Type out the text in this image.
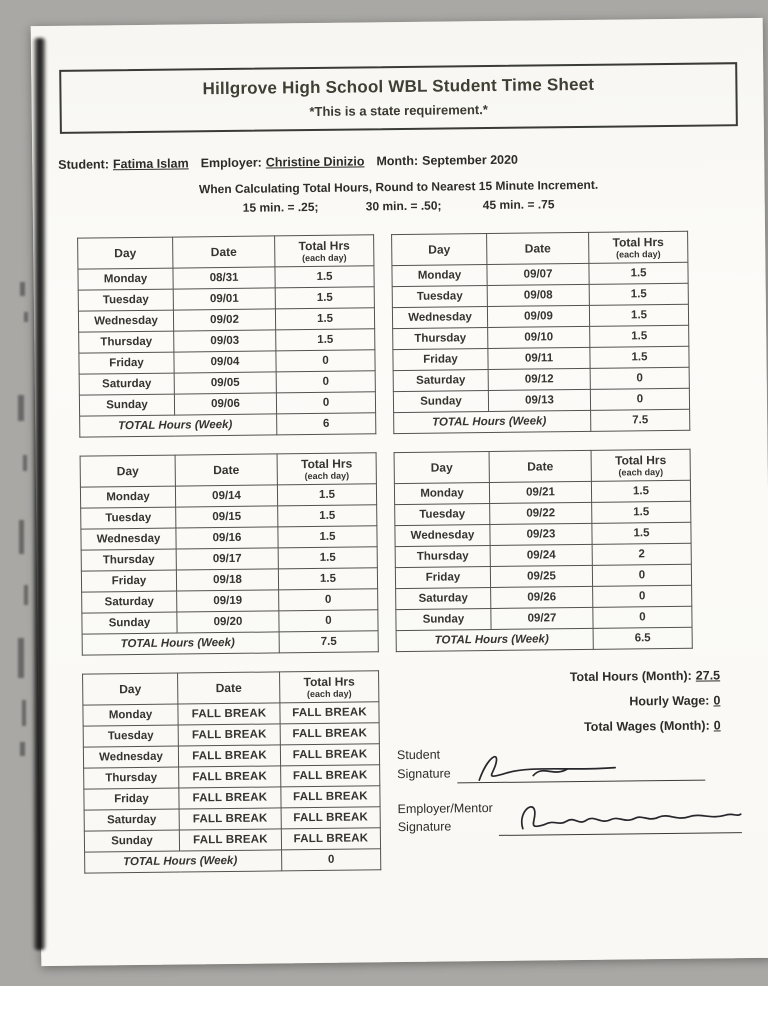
Hillgrove High School WBL Student Time Sheet
*This is a state requirement.*
Student: Fatima Islam Employer: Christine Dinizio Month: September 2020
When Calculating Total Hours, Round to Nearest 15 Minute Increment.
15 min. = .25;	30 min. = .50;	45 min. = .75
Day	Date	Total Hrs
(each day)

Monday	08/31	1.5
Tuesday	09/01	1.5
Wednesday	09/02	1.5
Thursday	09/03	1.5
Friday	09/04	0
Saturday	09/05	0
Sunday	09/06	0
TOTAL Hours (Week)		6
Day	Date	Total Hrs
(each day)

Monday	09/07	1.5
Tuesday	09/08	1.5
Wednesday	09/09	1.5
Thursday	09/10	1.5
Friday	09/11	1.5
Saturday	09/12	0
Sunday	09/13	0
TOTAL Hours (Week)		7.5
Day	Date	Total Hrs
(each day)

Monday	09/14	1.5
Tuesday	09/15	1.5
Wednesday	09/16	1.5
Thursday	09/17	1.5
Friday	09/18	1.5
Saturday	09/19	0
Sunday	09/20	0
TOTAL Hours (Week)		7.5
Day	Date	Total Hrs
(each day)

Monday	09/21	1.5
Tuesday	09/22	1.5
Wednesday	09/23	1.5
Thursday	09/24	2
Friday	09/25	0
Saturday	09/26	0
Sunday	09/27	0
TOTAL Hours (Week)		6.5
Day	Date	Total Hrs
(each day)

Monday	FALL BREAK	FALL BREAK
Tuesday	FALL BREAK	FALL BREAK
Wednesday	FALL BREAK	FALL BREAK
Thursday	FALL BREAK	FALL BREAK
Friday	FALL BREAK	FALL BREAK
Saturday	FALL BREAK	FALL BREAK
Sunday	FALL BREAK	FALL BREAK
TOTAL Hours (Week)		0
Total Hours (Month): 27.5
Hourly Wage: 0
Total Wages (Month): 0
Student
Signature
Employer/Mentor
Signature
